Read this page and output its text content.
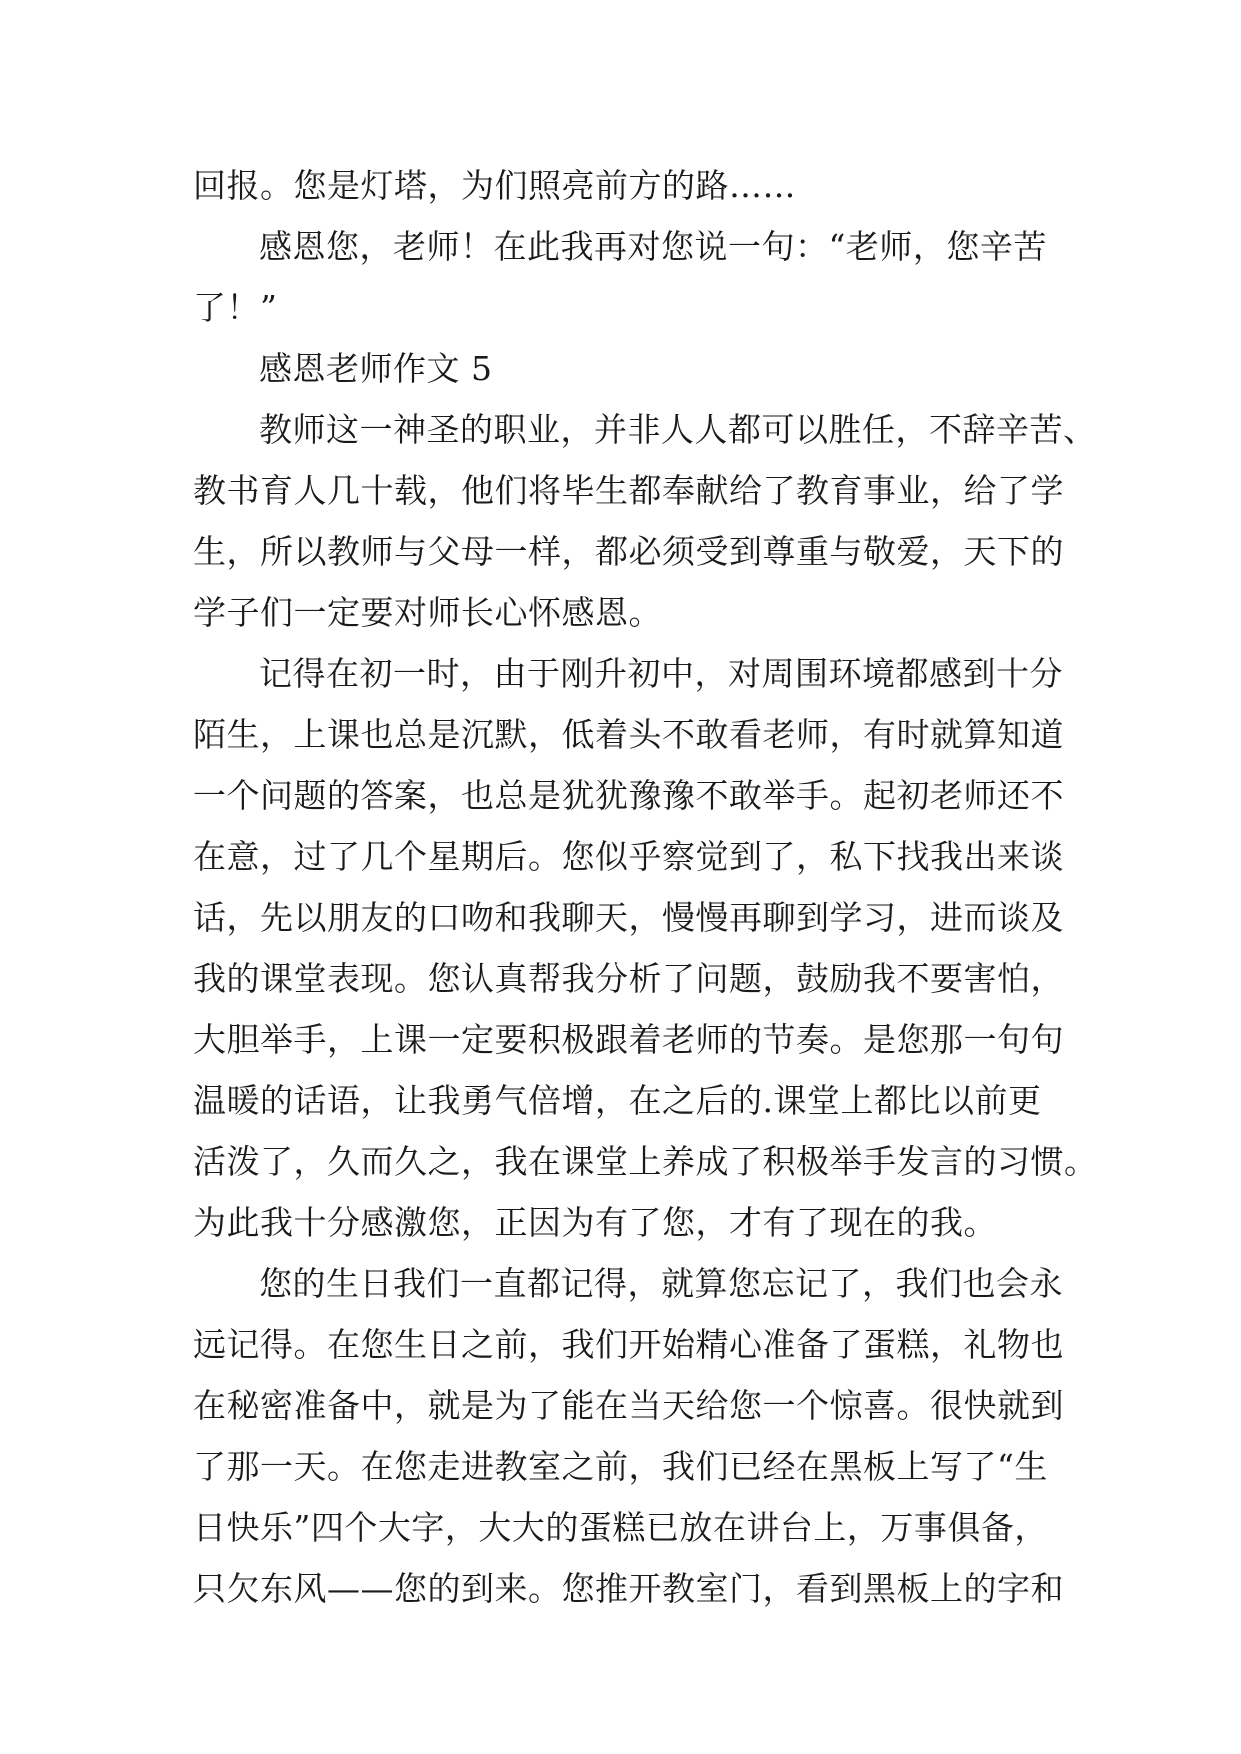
回报。您是灯塔，为们照亮前方的路……
感恩您，老师！在此我再对您说一句：“老师，您辛苦
了！”
感恩老师作文 5
教师这一神圣的职业，并非人人都可以胜任，不辞辛苦、
教书育人几十载，他们将毕生都奉献给了教育事业，给了学
生，所以教师与父母一样，都必须受到尊重与敬爱，天下的
学子们一定要对师长心怀感恩。
记得在初一时，由于刚升初中，对周围环境都感到十分
陌生，上课也总是沉默，低着头不敢看老师，有时就算知道
一个问题的答案，也总是犹犹豫豫不敢举手。起初老师还不
在意，过了几个星期后。您似乎察觉到了，私下找我出来谈
话，先以朋友的口吻和我聊天，慢慢再聊到学习，进而谈及
我的课堂表现。您认真帮我分析了问题，鼓励我不要害怕，
大胆举手，上课一定要积极跟着老师的节奏。是您那一句句
温暖的话语，让我勇气倍增，在之后的.课堂上都比以前更
活泼了，久而久之，我在课堂上养成了积极举手发言的习惯。
为此我十分感激您，正因为有了您，才有了现在的我。
您的生日我们一直都记得，就算您忘记了，我们也会永
远记得。在您生日之前，我们开始精心准备了蛋糕，礼物也
在秘密准备中，就是为了能在当天给您一个惊喜。很快就到
了那一天。在您走进教室之前，我们已经在黑板上写了“生
日快乐”四个大字，大大的蛋糕已放在讲台上，万事俱备，
只欠东风——您的到来。您推开教室门，看到黑板上的字和
